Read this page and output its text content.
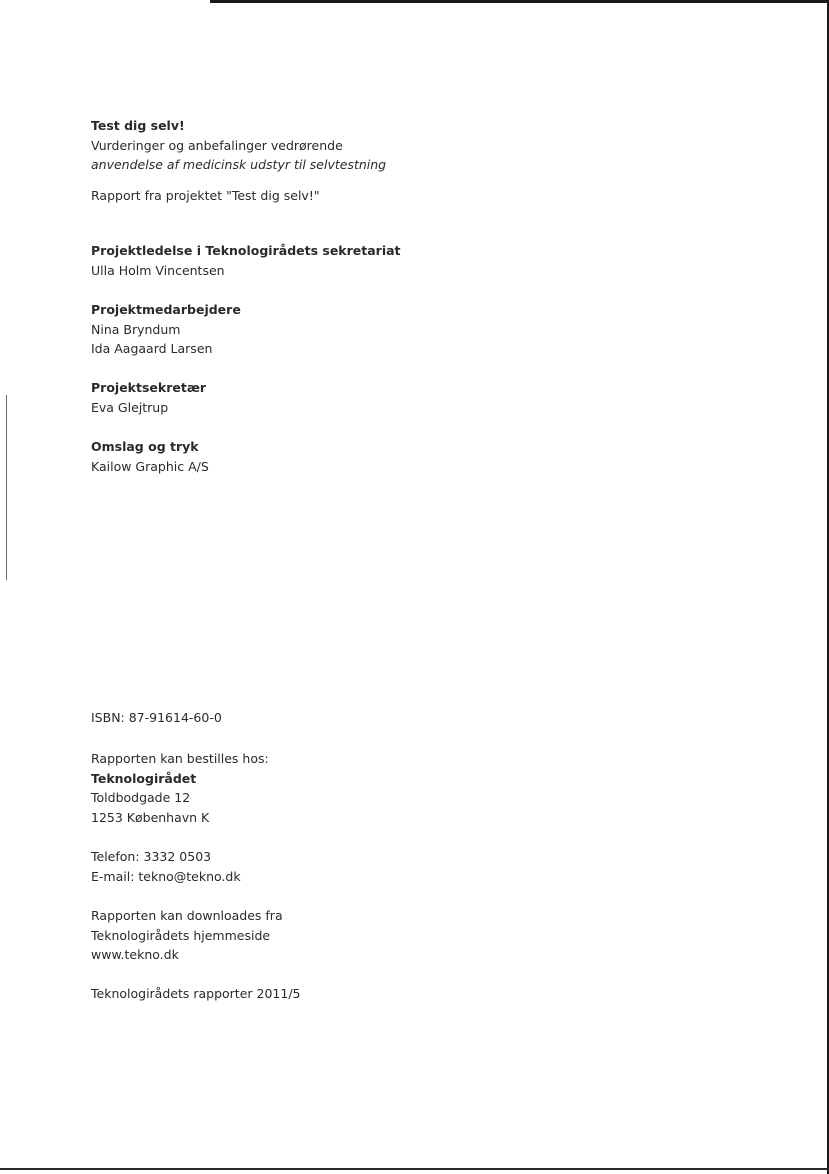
Test dig selv!
Vurderinger og anbefalinger vedrørende
anvendelse af medicinsk udstyr til selvtestning
Rapport fra projektet "Test dig selv!"
Projektledelse i Teknologirådets sekretariat
Ulla Holm Vincentsen
Projektmedarbejdere
Nina Bryndum
Ida Aagaard Larsen
Projektsekretær
Eva Glejtrup
Omslag og tryk
Kailow Graphic A/S
ISBN: 87-91614-60-0
Rapporten kan bestilles hos:
Teknologirådet
Toldbodgade 12
1253 København K
Telefon: 3332 0503
E-mail: tekno@tekno.dk
Rapporten kan downloades fra
Teknologirådets hjemmeside
www.tekno.dk
Teknologirådets rapporter 2011/5
